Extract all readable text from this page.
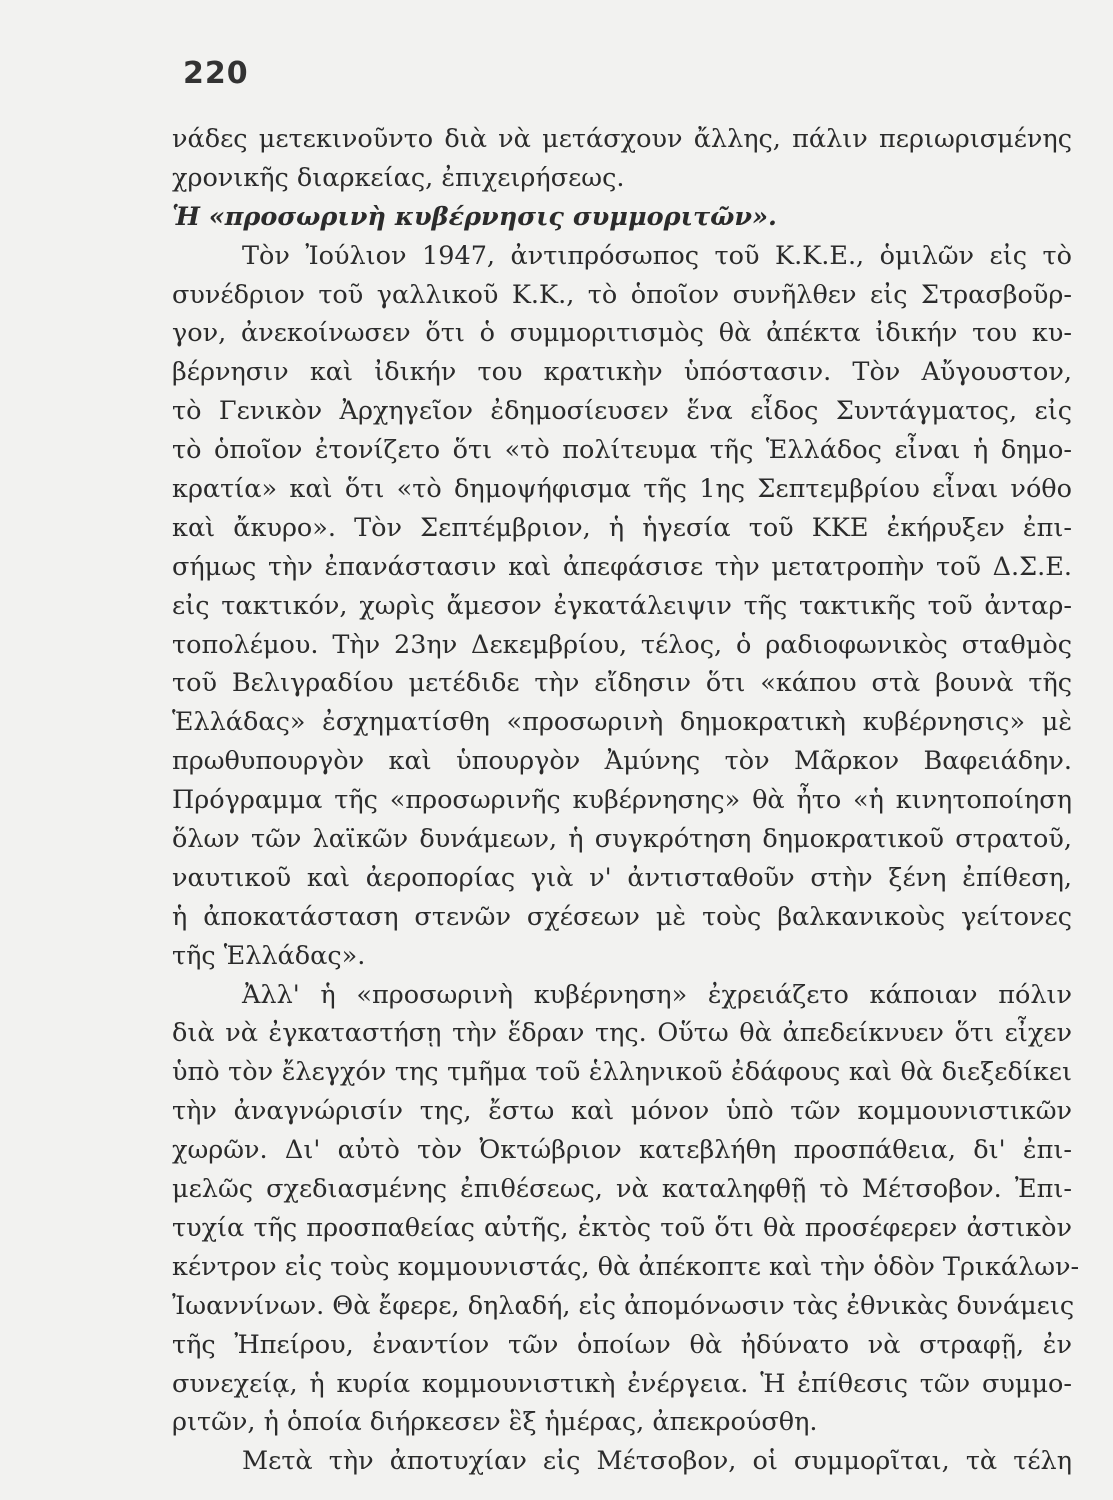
220
νάδες μετεκινοῦντο διὰ νὰ μετάσχουν ἄλλης, πάλιν περιωρισμένης
χρονικῆς διαρκείας, ἐπιχειρήσεως.
Ἡ «προσωρινὴ κυβέρνησις συμμοριτῶν».
Τὸν Ἰούλιον 1947, ἀντιπρόσωπος τοῦ Κ.Κ.Ε., ὁμιλῶν εἰς τὸ
συνέδριον τοῦ γαλλικοῦ Κ.Κ., τὸ ὁποῖον συνῆλθεν εἰς Στρασβοῦρ-
γον, ἀνεκοίνωσεν ὅτι ὁ συμμοριτισμὸς θὰ ἀπέκτα ἰδικήν του κυ-
βέρνησιν καὶ ἰδικήν του κρατικὴν ὑπόστασιν. Τὸν Αὔγουστον,
τὸ Γενικὸν Ἀρχηγεῖον ἐδημοσίευσεν ἕνα εἶδος Συντάγματος, εἰς
τὸ ὁποῖον ἐτονίζετο ὅτι «τὸ πολίτευμα τῆς Ἑλλάδος εἶναι ἡ δημο-
κρατία» καὶ ὅτι «τὸ δημοψήφισμα τῆς 1ης Σεπτεμβρίου εἶναι νόθο
καὶ ἄκυρο». Τὸν Σεπτέμβριον, ἡ ἡγεσία τοῦ ΚΚΕ ἐκήρυξεν ἐπι-
σήμως τὴν ἐπανάστασιν καὶ ἀπεφάσισε τὴν μετατροπὴν τοῦ Δ.Σ.Ε.
εἰς τακτικόν, χωρὶς ἄμεσον ἐγκατάλειψιν τῆς τακτικῆς τοῦ ἀνταρ-
τοπολέμου. Τὴν 23ην Δεκεμβρίου, τέλος, ὁ ραδιοφωνικὸς σταθμὸς
τοῦ Βελιγραδίου μετέδιδε τὴν εἴδησιν ὅτι «κάπου στὰ βουνὰ τῆς
Ἑλλάδας» ἐσχηματίσθη «προσωρινὴ δημοκρατικὴ κυβέρνησις» μὲ
πρωθυπουργὸν καὶ ὑπουργὸν Ἀμύνης τὸν Μᾶρκον Βαφειάδην.
Πρόγραμμα τῆς «προσωρινῆς κυβέρνησης» θὰ ἦτο «ἡ κινητοποίηση
ὅλων τῶν λαϊκῶν δυνάμεων, ἡ συγκρότηση δημοκρατικοῦ στρατοῦ,
ναυτικοῦ καὶ ἀεροπορίας γιὰ ν' ἀντισταθοῦν στὴν ξένη ἐπίθεση,
ἡ ἀποκατάσταση στενῶν σχέσεων μὲ τοὺς βαλκανικοὺς γείτονες
τῆς Ἑλλάδας».
Ἀλλ' ἡ «προσωρινὴ κυβέρνηση» ἐχρειάζετο κάποιαν πόλιν
διὰ νὰ ἐγκαταστήσῃ τὴν ἕδραν της. Οὕτω θὰ ἀπεδείκνυεν ὅτι εἶχεν
ὑπὸ τὸν ἔλεγχόν της τμῆμα τοῦ ἑλληνικοῦ ἐδάφους καὶ θὰ διεξεδίκει
τὴν ἀναγνώρισίν της, ἔστω καὶ μόνον ὑπὸ τῶν κομμουνιστικῶν
χωρῶν. Δι' αὐτὸ τὸν Ὀκτώβριον κατεβλήθη προσπάθεια, δι' ἐπι-
μελῶς σχεδιασμένης ἐπιθέσεως, νὰ καταληφθῇ τὸ Μέτσοβον. Ἐπι-
τυχία τῆς προσπαθείας αὐτῆς, ἐκτὸς τοῦ ὅτι θὰ προσέφερεν ἀστικὸν
κέντρον εἰς τοὺς κομμουνιστάς, θὰ ἀπέκοπτε καὶ τὴν ὁδὸν Τρικάλων-
Ἰωαννίνων. Θὰ ἔφερε, δηλαδή, εἰς ἀπομόνωσιν τὰς ἐθνικὰς δυνάμεις
τῆς Ἠπείρου, ἐναντίον τῶν ὁποίων θὰ ἠδύνατο νὰ στραφῇ, ἐν
συνεχείᾳ, ἡ κυρία κομμουνιστικὴ ἐνέργεια. Ἡ ἐπίθεσις τῶν συμμο-
ριτῶν, ἡ ὁποία διήρκεσεν ἓξ ἡμέρας, ἀπεκρούσθη.
Μετὰ τὴν ἀποτυχίαν εἰς Μέτσοβον, οἱ συμμορῖται, τὰ τέλη
